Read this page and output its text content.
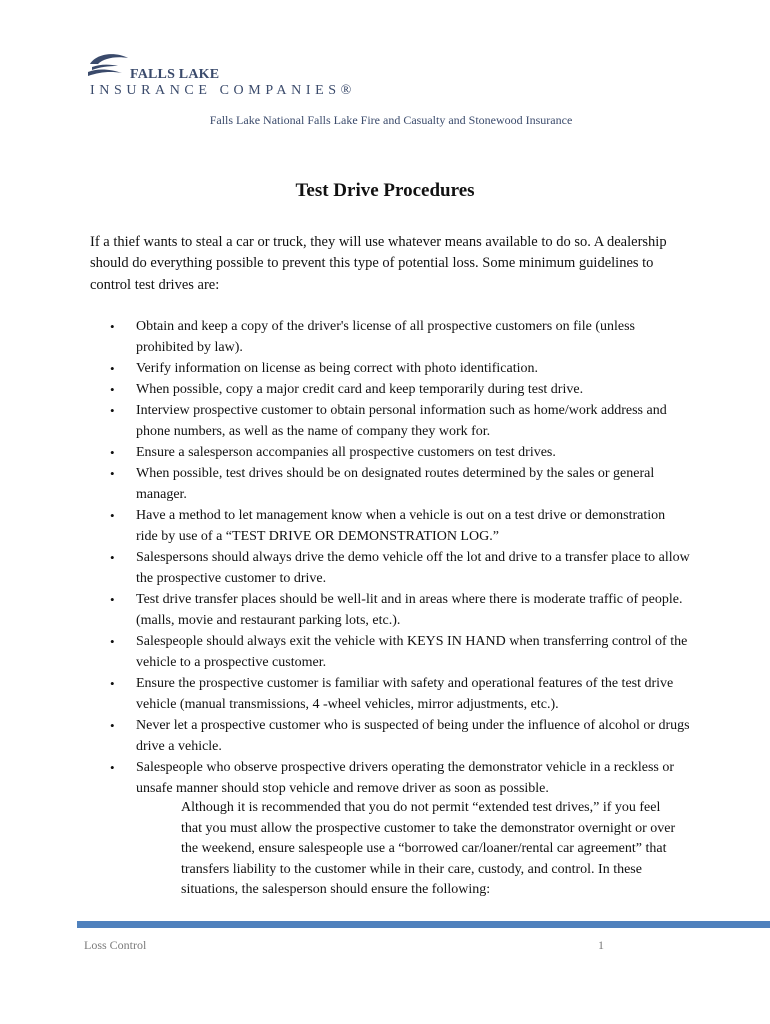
FALLS LAKE
INSURANCE COMPANIES®
Falls Lake National Falls Lake Fire and Casualty and Stonewood Insurance
Test Drive Procedures

If a thief wants to steal a car or truck, they will use whatever means available to do so. A dealership should do everything possible to prevent this type of potential loss. Some minimum guidelines to control test drives are:

• Obtain and keep a copy of the driver's license of all prospective customers on file (unless prohibited by law).
• Verify information on license as being correct with photo identification.
• When possible, copy a major credit card and keep temporarily during test drive.
• Interview prospective customer to obtain personal information such as home/work address and phone numbers, as well as the name of company they work for.
• Ensure a salesperson accompanies all prospective customers on test drives.
• When possible, test drives should be on designated routes determined by the sales or general manager.
• Have a method to let management know when a vehicle is out on a test drive or demonstration ride by use of a “TEST DRIVE OR DEMONSTRATION LOG.”
• Salespersons should always drive the demo vehicle off the lot and drive to a transfer place to allow the prospective customer to drive.
• Test drive transfer places should be well-lit and in areas where there is moderate traffic of people. (malls, movie and restaurant parking lots, etc.).
• Salespeople should always exit the vehicle with KEYS IN HAND when transferring control of the vehicle to a prospective customer.
• Ensure the prospective customer is familiar with safety and operational features of the test drive vehicle (manual transmissions, 4 -wheel vehicles, mirror adjustments, etc.).
• Never let a prospective customer who is suspected of being under the influence of alcohol or drugs drive a vehicle.
• Salespeople who observe prospective drivers operating the demonstrator vehicle in a reckless or unsafe manner should stop vehicle and remove driver as soon as possible.

Although it is recommended that you do not permit “extended test drives,” if you feel that you must allow the prospective customer to take the demonstrator overnight or over the weekend, ensure salespeople use a “borrowed car/loaner/rental car agreement” that transfers liability to the customer while in their care, custody, and control. In these situations, the salesperson should ensure the following:

Loss Control	1
